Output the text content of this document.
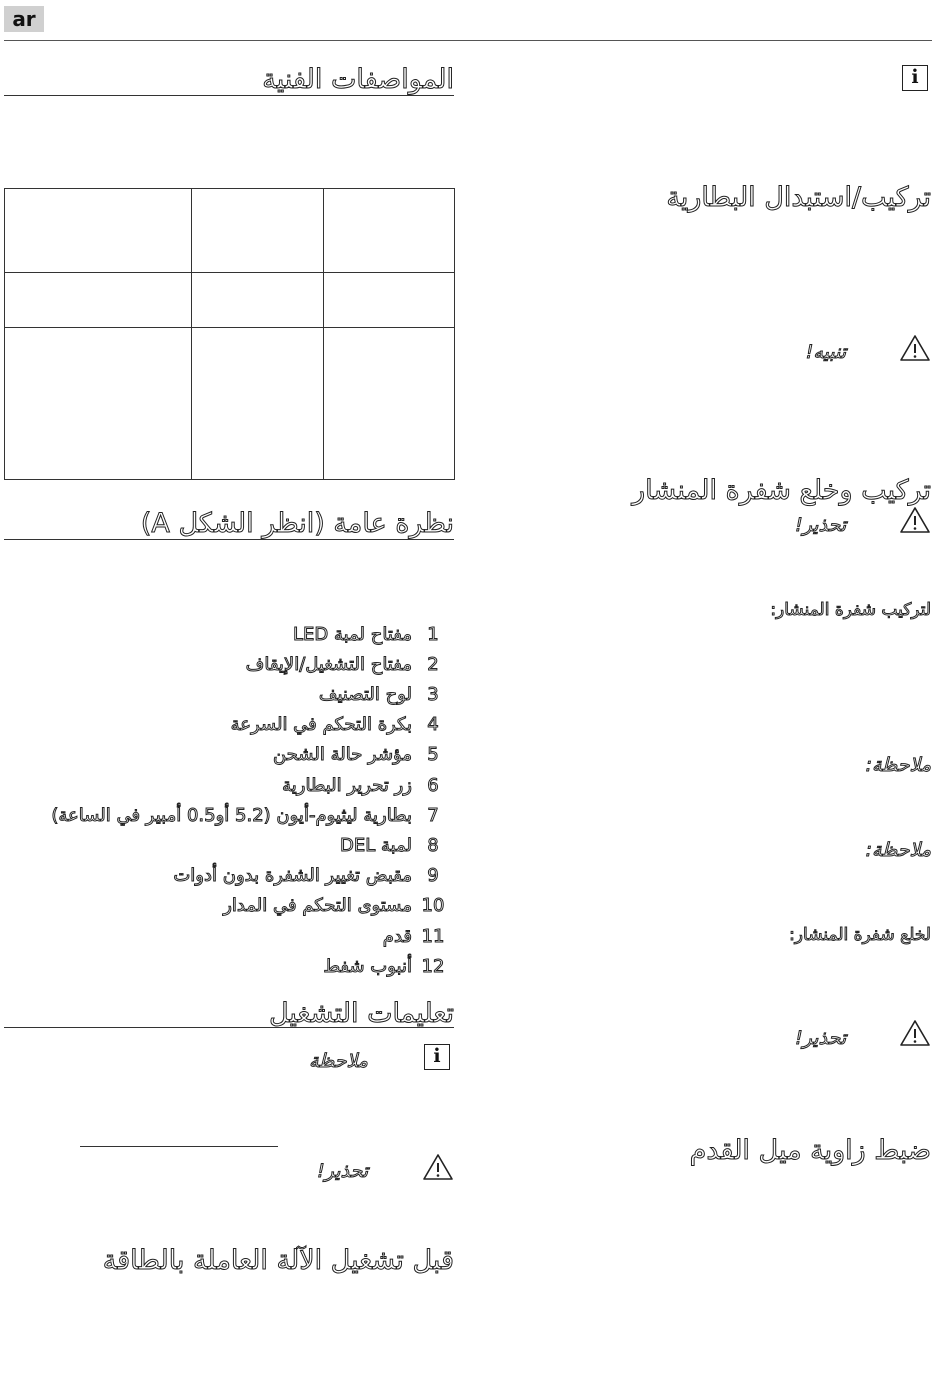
ar
المواصفات الفنية

نظرة عامة (انظر الشكل A)
1
مفتاح لمبة LED
2
مفتاح التشغيل/الإيقاف
3
لوح التصنيف
4
بكرة التحكم في السرعة
5
مؤشر حالة الشحن
6
زر تحرير البطارية
7
بطارية ليثيوم-أيون (5.2 أو0.5 أمبير في الساعة)
8
لمبة DEL
9
مقبض تغيير الشفرة بدون أدوات
10
مستوى التحكم في المدار
11
قدم
12
أنبوب شفط
تعليمات التشغيل
i
ملاحظة
تحذير!
قبل تشغيل الآلة العاملة بالطاقة
i
تركيب/استبدال البطارية
تنبيه!
تركيب وخلع شفرة المنشار
تحذير!
لتركيب شفرة المنشار:
ملاحظة:
ملاحظة:
لخلع شفرة المنشار:
تحذير!
ضبط زاوية ميل القدم
